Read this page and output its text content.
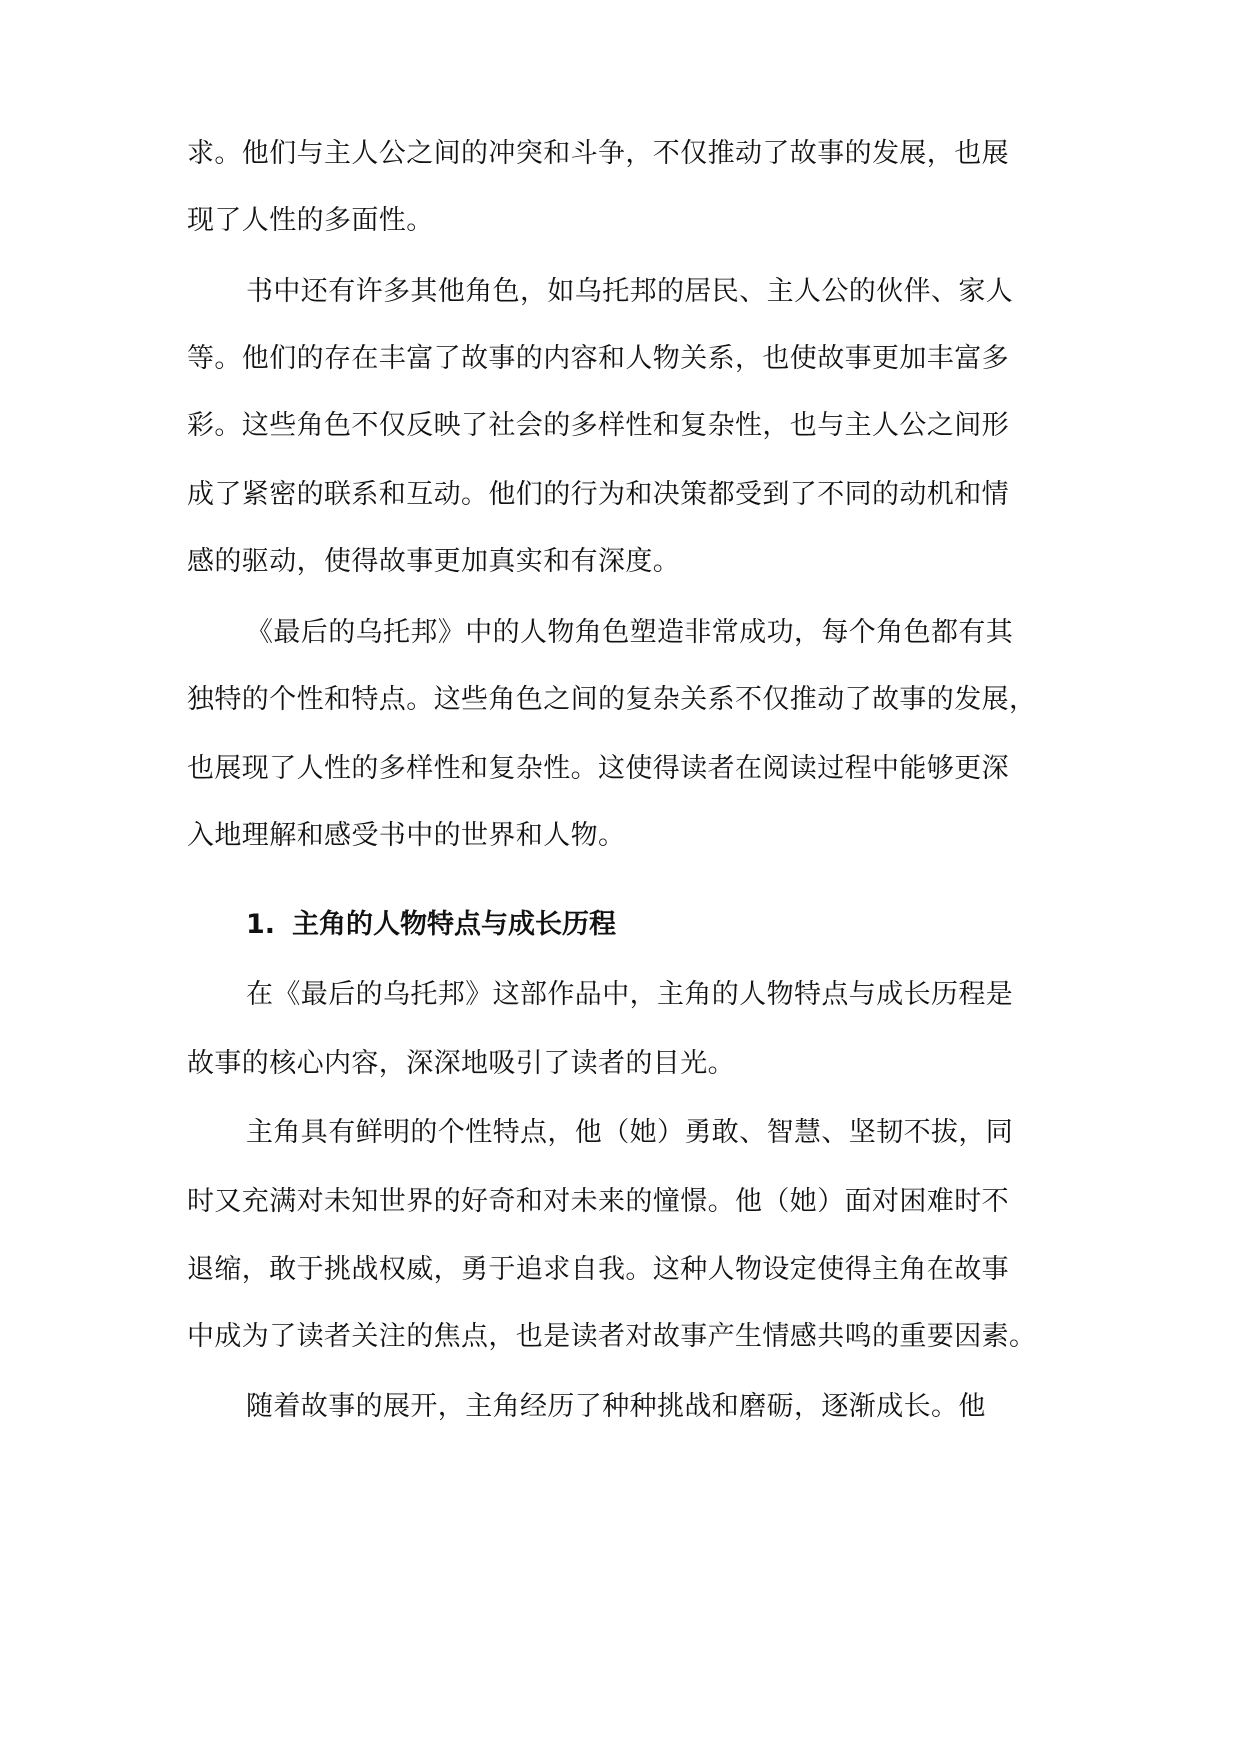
求。他们与主人公之间的冲突和斗争，不仅推动了故事的发展，也展
现了人性的多面性。
书中还有许多其他角色，如乌托邦的居民、主人公的伙伴、家人
等。他们的存在丰富了故事的内容和人物关系，也使故事更加丰富多
彩。这些角色不仅反映了社会的多样性和复杂性，也与主人公之间形
成了紧密的联系和互动。他们的行为和决策都受到了不同的动机和情
感的驱动，使得故事更加真实和有深度。
《最后的乌托邦》中的人物角色塑造非常成功，每个角色都有其
独特的个性和特点。这些角色之间的复杂关系不仅推动了故事的发展，
也展现了人性的多样性和复杂性。这使得读者在阅读过程中能够更深
入地理解和感受书中的世界和人物。
1. 主角的人物特点与成长历程
在《最后的乌托邦》这部作品中，主角的人物特点与成长历程是
故事的核心内容，深深地吸引了读者的目光。
主角具有鲜明的个性特点，他（她）勇敢、智慧、坚韧不拔，同
时又充满对未知世界的好奇和对未来的憧憬。他（她）面对困难时不
退缩，敢于挑战权威，勇于追求自我。这种人物设定使得主角在故事
中成为了读者关注的焦点，也是读者对故事产生情感共鸣的重要因素。
随着故事的展开，主角经历了种种挑战和磨砺，逐渐成长。他
